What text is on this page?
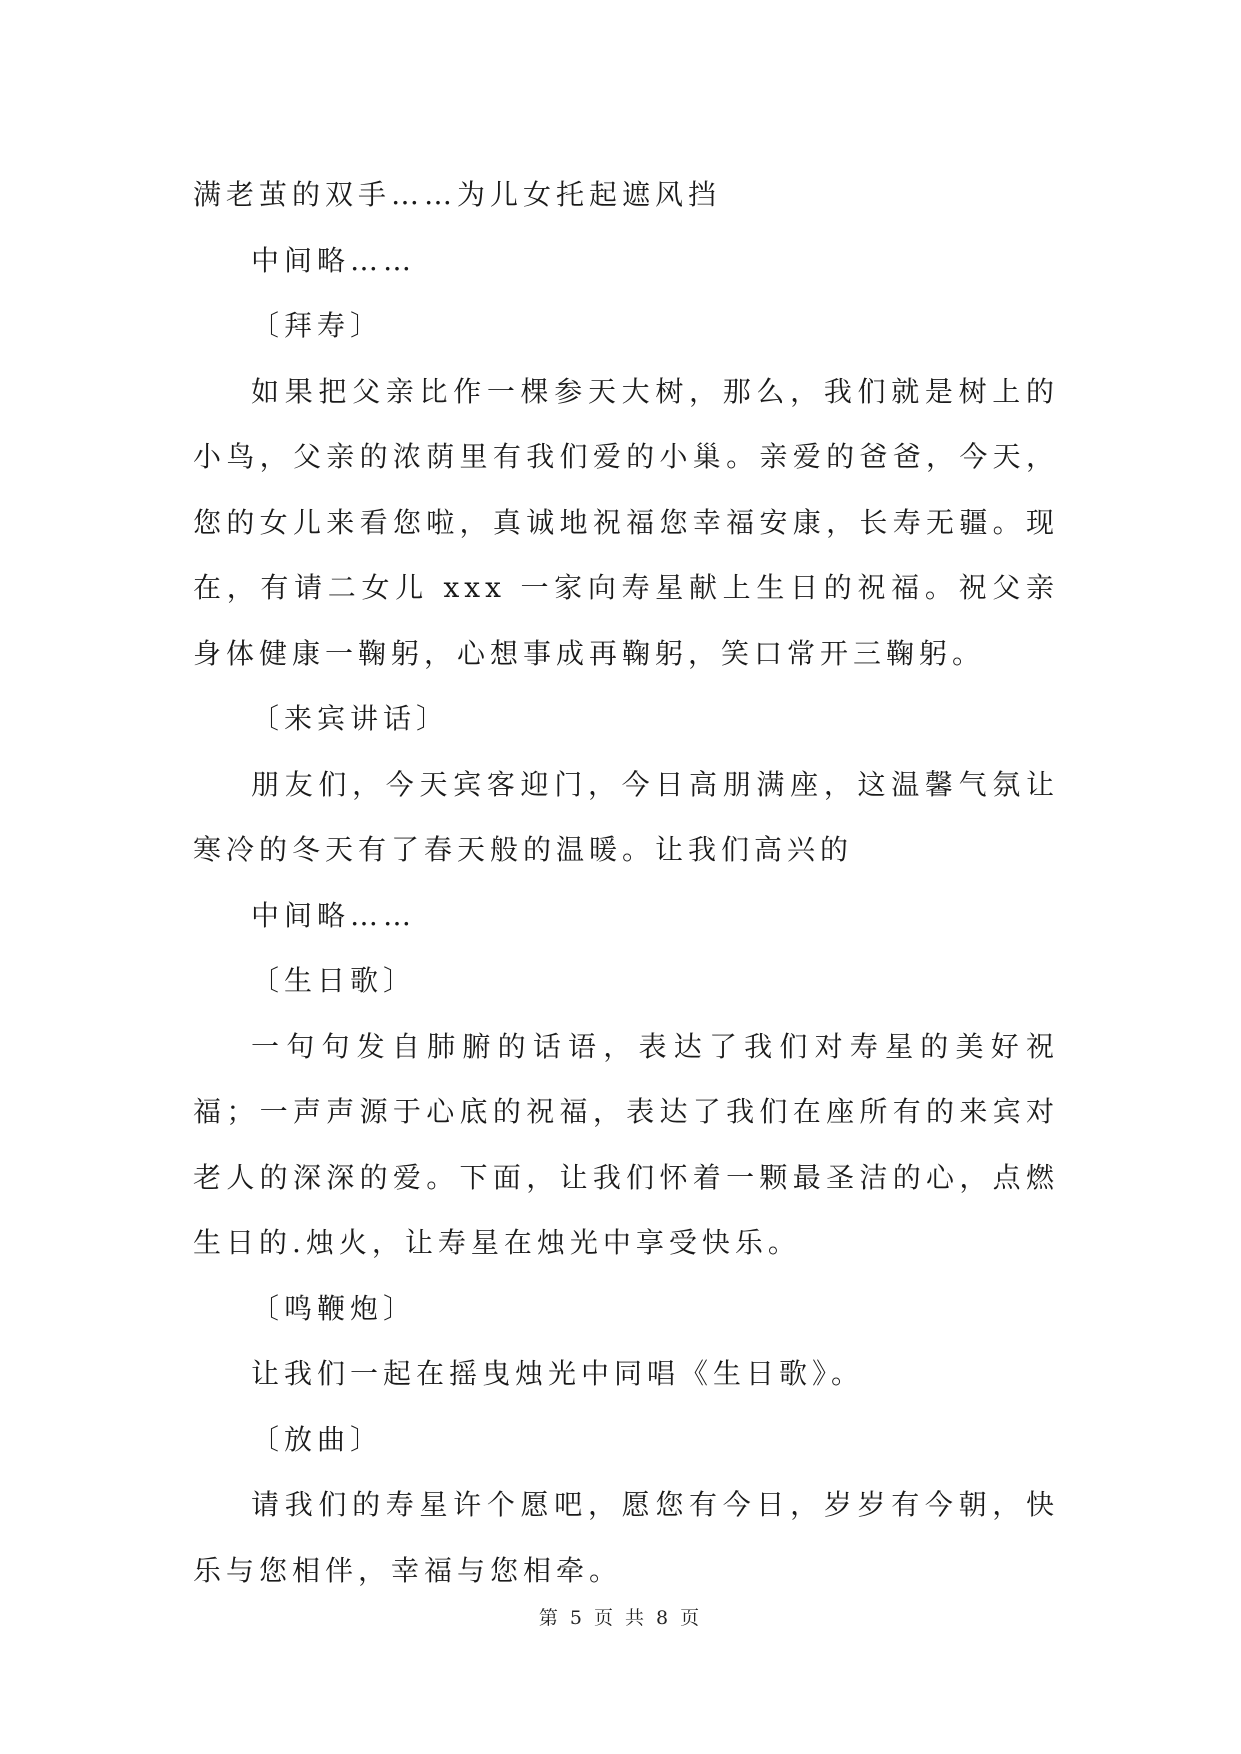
满老茧的双手……为儿女托起遮风挡

中间略……

〔拜寿〕

如果把父亲比作一棵参天大树，那么，我们就是树上的小鸟，父亲的浓荫里有我们爱的小巢。亲爱的爸爸，今天，您的女儿来看您啦，真诚地祝福您幸福安康，长寿无疆。现在，有请二女儿 xxx 一家向寿星献上生日的祝福。祝父亲身体健康一鞠躬，心想事成再鞠躬，笑口常开三鞠躬。

〔来宾讲话〕

朋友们，今天宾客迎门，今日高朋满座，这温馨气氛让寒冷的冬天有了春天般的温暖。让我们高兴的

中间略……

〔生日歌〕

一句句发自肺腑的话语，表达了我们对寿星的美好祝福；一声声源于心底的祝福，表达了我们在座所有的来宾对老人的深深的爱。下面，让我们怀着一颗最圣洁的心，点燃生日的.烛火，让寿星在烛光中享受快乐。

〔鸣鞭炮〕

让我们一起在摇曳烛光中同唱《生日歌》。

〔放曲〕

请我们的寿星许个愿吧，愿您有今日，岁岁有今朝，快乐与您相伴，幸福与您相牵。

第 5 页 共 8 页
